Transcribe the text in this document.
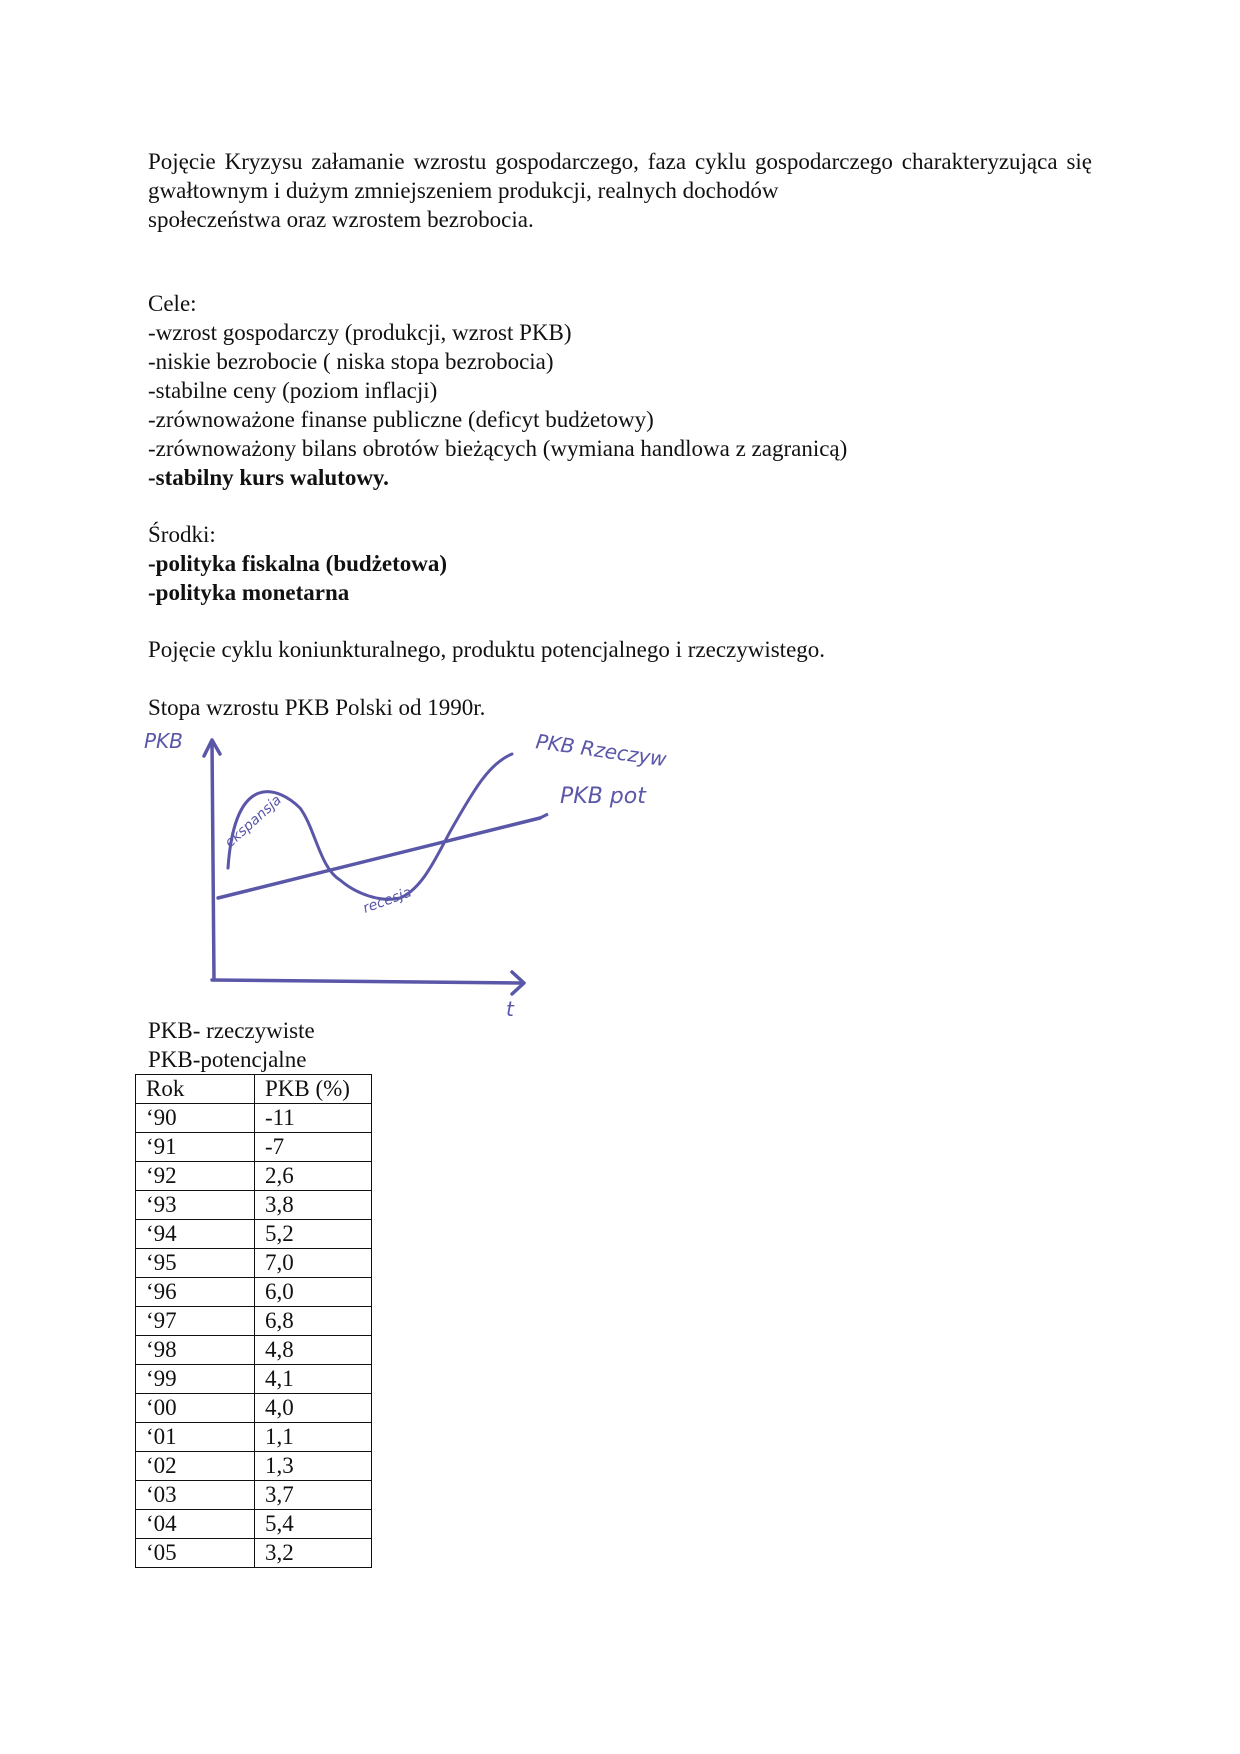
Pojęcie Kryzysu załamanie wzrostu gospodarczego, faza cyklu gospodarczego charakteryzująca się gwałtownym i dużym zmniejszeniem produkcji, realnych dochodów
społeczeństwa oraz wzrostem bezrobocia.
Cele:
-wzrost gospodarczy (produkcji, wzrost PKB)
-niskie bezrobocie ( niska stopa bezrobocia)
-stabilne ceny (poziom inflacji)
-zrównoważone finanse publiczne (deficyt budżetowy)
-zrównoważony bilans obrotów bieżących (wymiana handlowa z zagranicą)
-stabilny kurs walutowy.
Środki:
-polityka fiskalna (budżetowa)
-polityka monetarna
Pojęcie cyklu koniunkturalnego, produktu potencjalnego i rzeczywistego.
Stopa wzrostu PKB Polski od 1990r.
PKB
t
PKB Rzeczyw
PKB pot
ekspansja
recesja
PKB- rzeczywiste
PKB-potencjalne
Rok	PKB (%)
‘90	-11
‘91	-7
‘92	2,6
‘93	3,8
‘94	5,2
‘95	7,0
‘96	6,0
‘97	6,8
‘98	4,8
‘99	4,1
‘00	4,0
‘01	1,1
‘02	1,3
‘03	3,7
‘04	5,4
‘05	3,2
